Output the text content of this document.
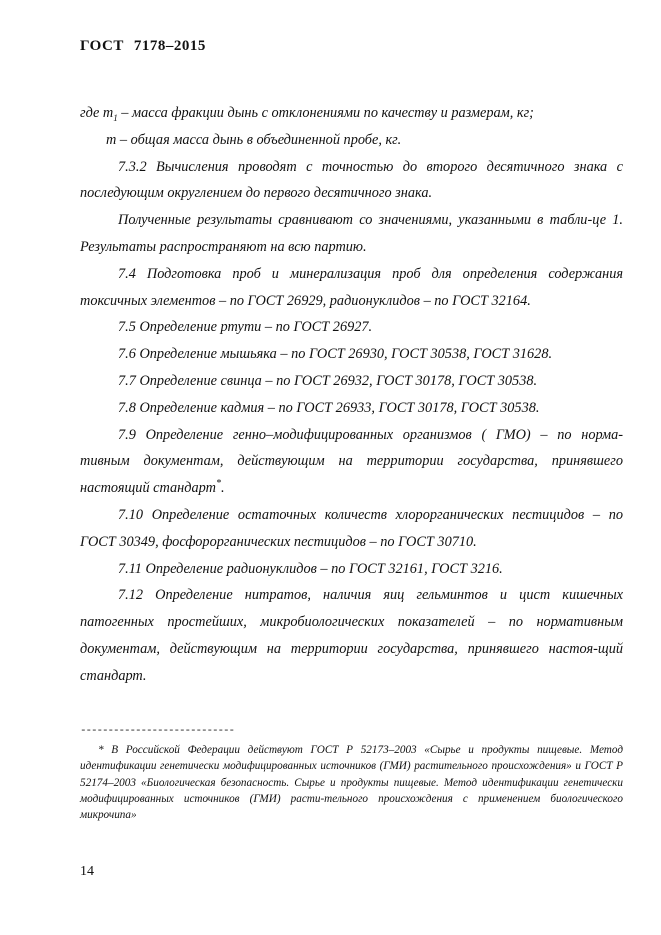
ГОСТ 7178–2015

где $m_1$ – масса фракции дынь с отклонениями по качеству и размерам, кг;

m – общая масса дынь в объединенной пробе, кг.

7.3.2 Вычисления проводят с точностью до второго десятичного знака с последующим округлением до первого десятичного знака.

Полученные результаты сравнивают со значениями, указанными в табли-це 1. Результаты распространяют на всю партию.

7.4 Подготовка проб и минерализация проб для определения содержания токсичных элементов – по ГОСТ 26929, радионуклидов – по ГОСТ 32164.

7.5 Определение ртути – по ГОСТ 26927.

7.6 Определение мышьяка – по ГОСТ 26930, ГОСТ 30538, ГОСТ 31628.

7.7 Определение свинца – по ГОСТ 26932, ГОСТ 30178, ГОСТ 30538.

7.8 Определение кадмия – по ГОСТ 26933, ГОСТ 30178, ГОСТ 30538.

7.9 Определение генно–модифицированных организмов ( ГМО) – по норма-тивным документам, действующим на территории государства, принявшего настоящий стандарт*.

7.10 Определение остаточных количеств хлорорганических пестицидов – по ГОСТ 30349, фосфорорганических пестицидов – по ГОСТ 30710.

7.11 Определение радионуклидов – по ГОСТ 32161, ГОСТ 3216.

7.12 Определение нитратов, наличия яиц гельминтов и цист кишечных патогенных простейших, микробиологических показателей – по нормативным документам, действующим на территории государства, принявшего настоя-щий стандарт.

----------------------------

* В Российской Федерации действуют ГОСТ Р 52173–2003 «Сырье и продукты пищевые. Метод идентификации генетически модифицированных источников (ГМИ) растительного происхождения» и ГОСТ Р 52174–2003 «Биологическая безопасность. Сырье и продукты пищевые. Метод идентификации генетически модифицированных источников (ГМИ) расти-тельного происхождения с применением биологического микрочипа»

14
